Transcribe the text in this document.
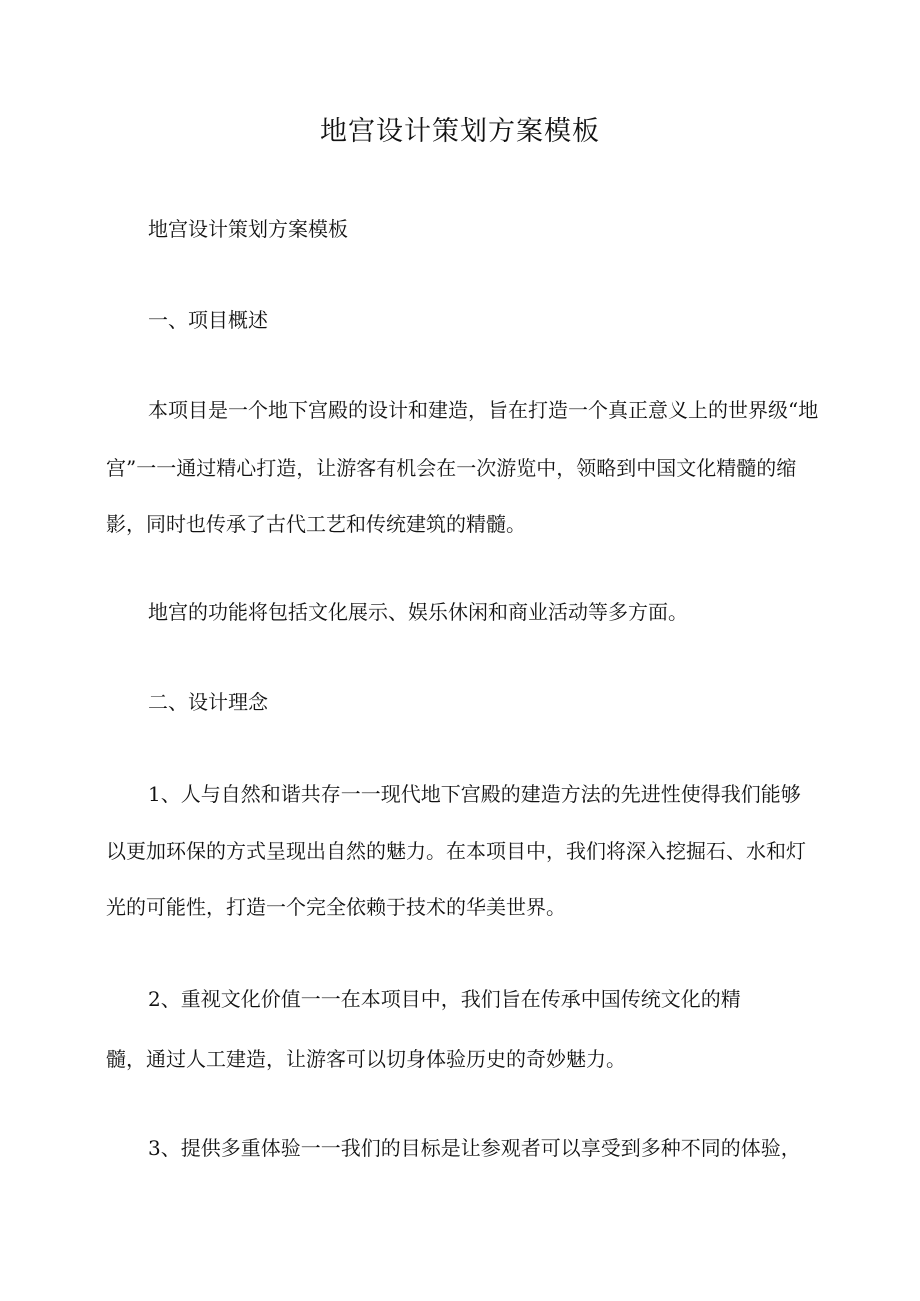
地宫设计策划方案模板
地宫设计策划方案模板
一、项目概述
本项目是一个地下宫殿的设计和建造，旨在打造一个真正意义上的世界级“地
宫”一一通过精心打造，让游客有机会在一次游览中，领略到中国文化精髓的缩
影，同时也传承了古代工艺和传统建筑的精髓。
地宫的功能将包括文化展示、娱乐休闲和商业活动等多方面。
二、设计理念
1、人与自然和谐共存一一现代地下宫殿的建造方法的先进性使得我们能够
以更加环保的方式呈现出自然的魅力。在本项目中，我们将深入挖掘石、水和灯
光的可能性，打造一个完全依赖于技术的华美世界。
2、重视文化价值一一在本项目中，我们旨在传承中国传统文化的精
髓，通过人工建造，让游客可以切身体验历史的奇妙魅力。
3、提供多重体验一一我们的目标是让参观者可以享受到多种不同的体验，
